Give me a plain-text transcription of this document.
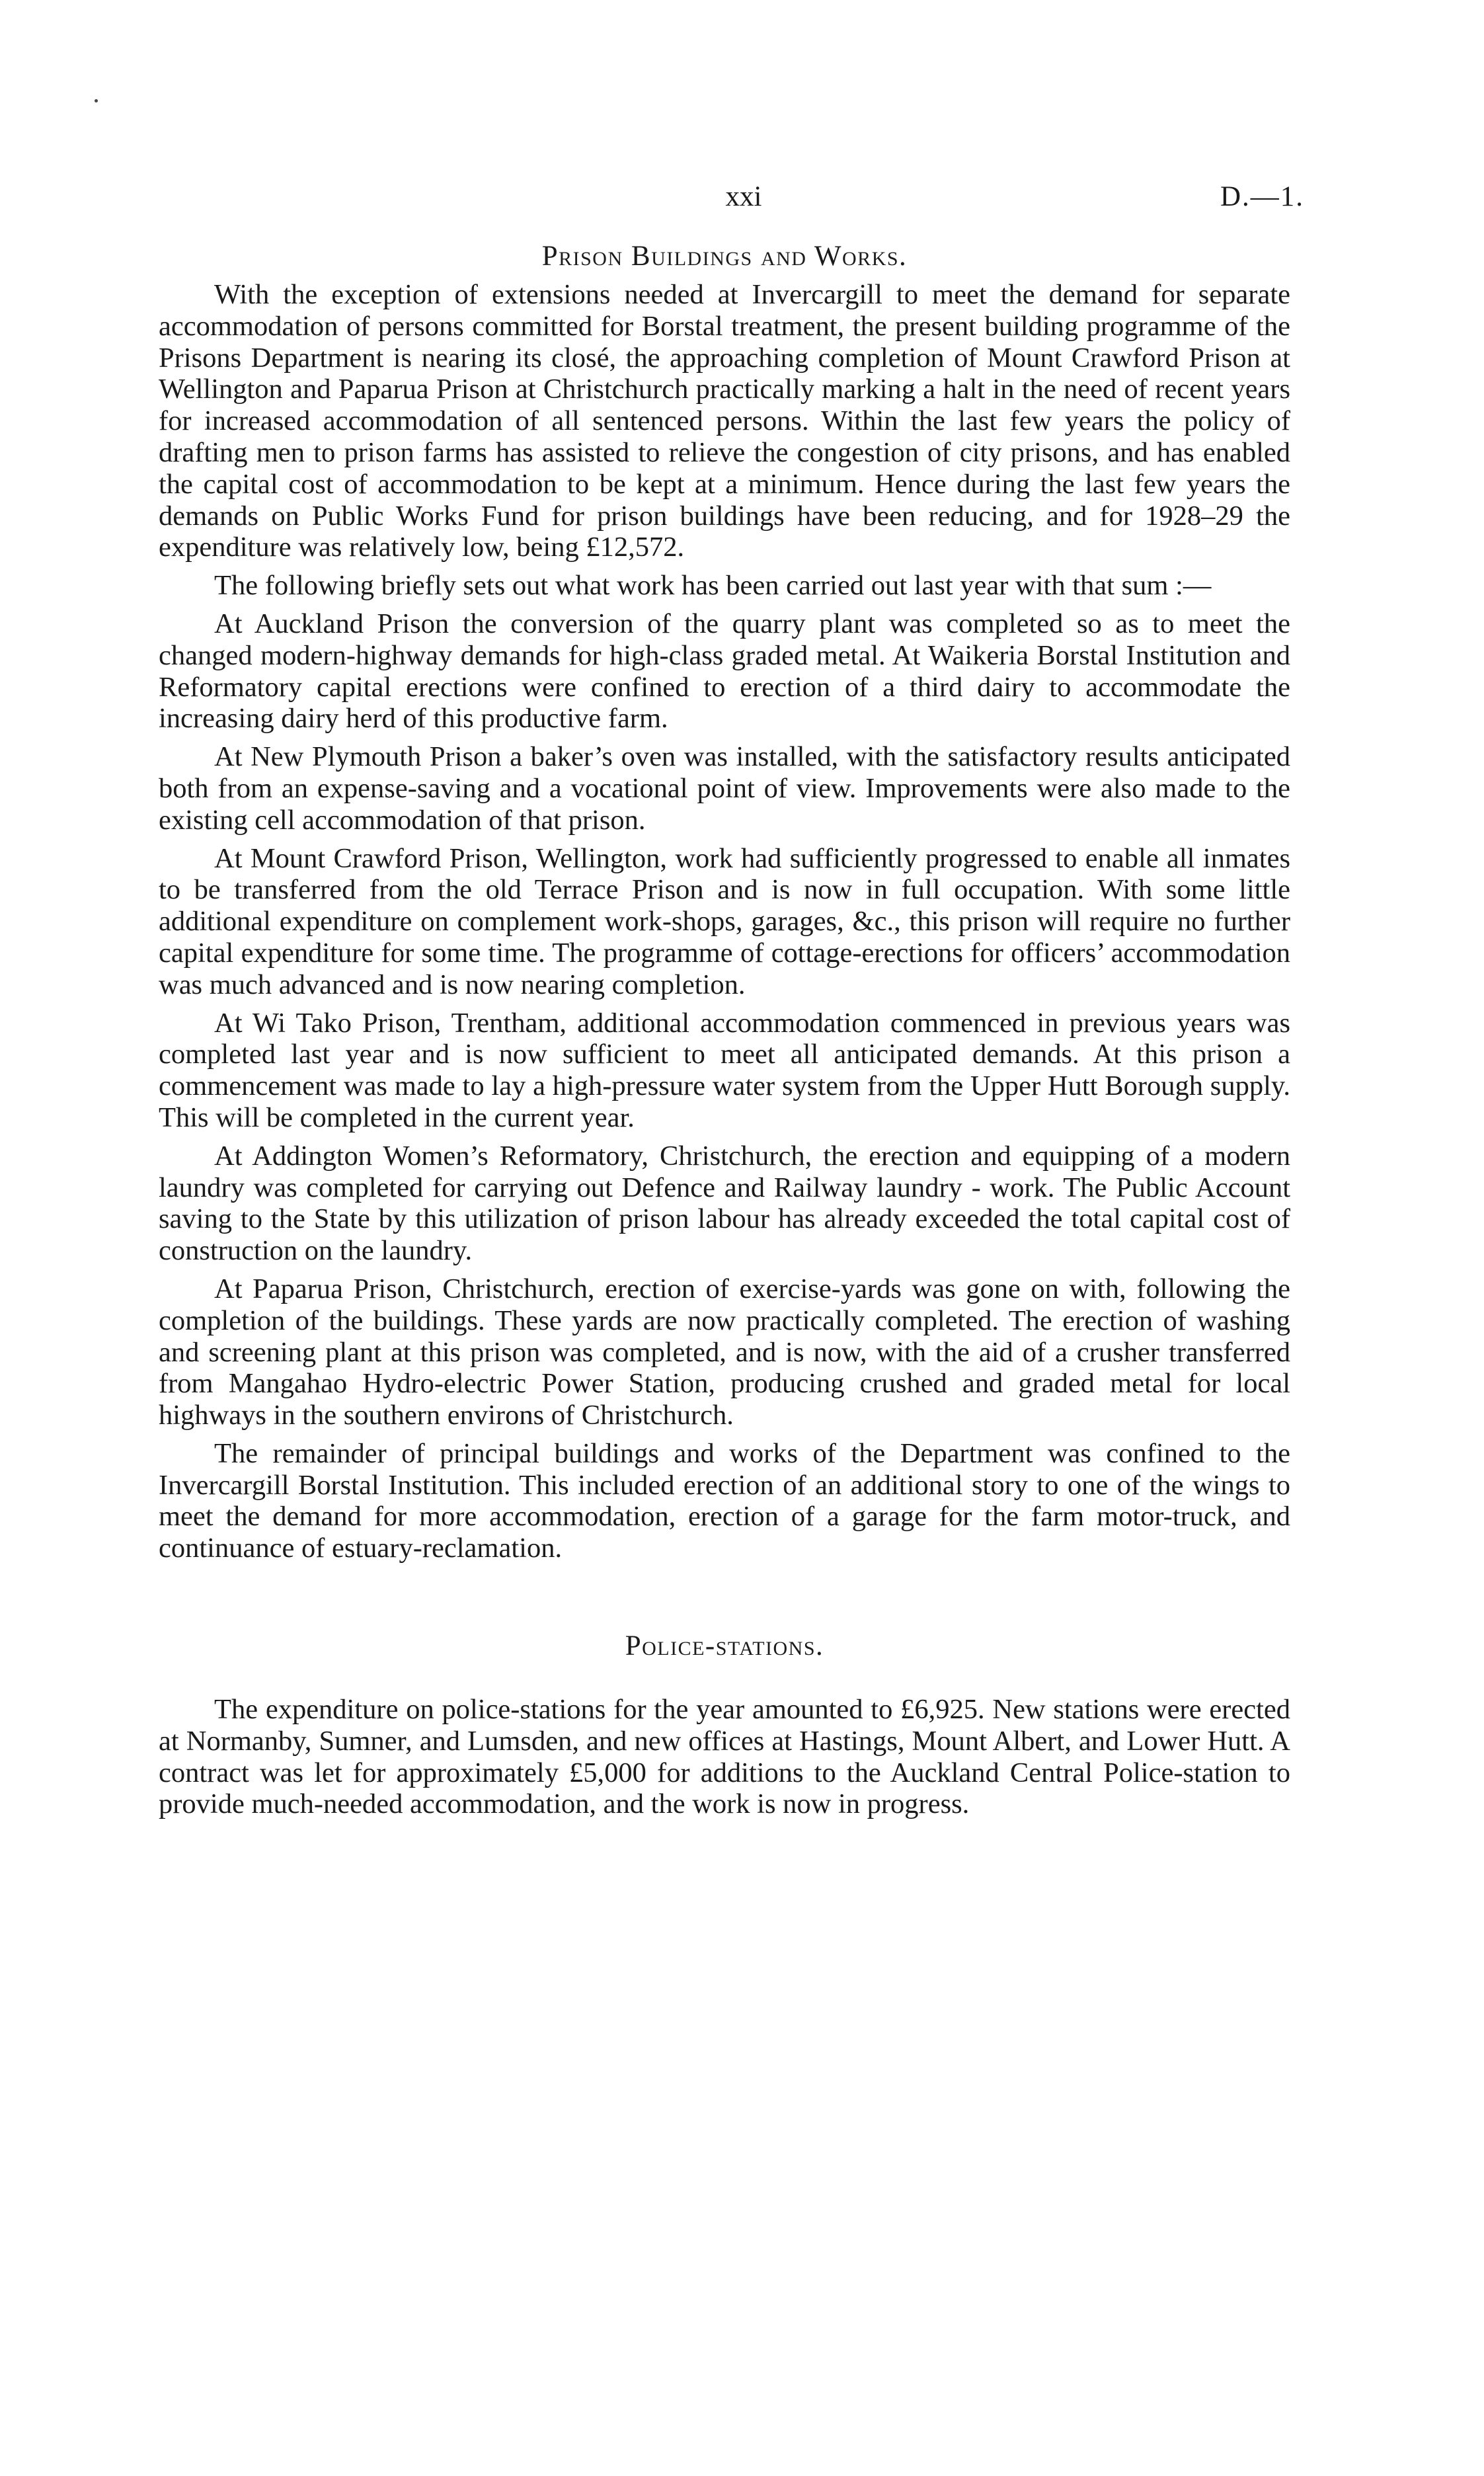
xxi	D.—1.
Prison Buildings and Works.

With the exception of extensions needed at Invercargill to meet the demand for separate accommodation of persons committed for Borstal treatment, the present building programme of the Prisons Department is nearing its closé, the approaching completion of Mount Crawford Prison at Wellington and Paparua Prison at Christchurch practically marking a halt in the need of recent years for increased accommodation of all sentenced persons. Within the last few years the policy of drafting men to prison farms has assisted to relieve the congestion of city prisons, and has enabled the capital cost of accommodation to be kept at a minimum. Hence during the last few years the demands on Public Works Fund for prison buildings have been reducing, and for 1928–29 the expenditure was relatively low, being £12,572.

The following briefly sets out what work has been carried out last year with that sum :—

At Auckland Prison the conversion of the quarry plant was completed so as to meet the changed modern-highway demands for high-class graded metal. At Waikeria Borstal Institution and Reformatory capital erections were confined to erection of a third dairy to accommodate the increasing dairy herd of this productive farm.

At New Plymouth Prison a baker’s oven was installed, with the satisfactory results anticipated both from an expense-saving and a vocational point of view. Improvements were also made to the existing cell accommodation of that prison.

At Mount Crawford Prison, Wellington, work had sufficiently progressed to enable all inmates to be transferred from the old Terrace Prison and is now in full occupation. With some little additional expenditure on complement work-shops, garages, &c., this prison will require no further capital expenditure for some time. The programme of cottage-erections for officers’ accommodation was much advanced and is now nearing completion.

At Wi Tako Prison, Trentham, additional accommodation commenced in previous years was completed last year and is now sufficient to meet all anticipated demands. At this prison a commencement was made to lay a high-pressure water system from the Upper Hutt Borough supply. This will be completed in the current year.

At Addington Women’s Reformatory, Christchurch, the erection and equipping of a modern laundry was completed for carrying out Defence and Railway laundry - work. The Public Account saving to the State by this utilization of prison labour has already exceeded the total capital cost of construction on the laundry.

At Paparua Prison, Christchurch, erection of exercise-yards was gone on with, following the completion of the buildings. These yards are now practically completed. The erection of washing and screening plant at this prison was completed, and is now, with the aid of a crusher transferred from Mangahao Hydro-electric Power Station, producing crushed and graded metal for local highways in the southern environs of Christchurch.

The remainder of principal buildings and works of the Department was confined to the Invercargill Borstal Institution. This included erection of an additional story to one of the wings to meet the demand for more accommodation, erection of a garage for the farm motor-truck, and continuance of estuary-reclamation.

Police-stations.

The expenditure on police-stations for the year amounted to £6,925. New stations were erected at Normanby, Sumner, and Lumsden, and new offices at Hastings, Mount Albert, and Lower Hutt. A contract was let for approximately £5,000 for additions to the Auckland Central Police-station to provide much-needed accommodation, and the work is now in progress.
